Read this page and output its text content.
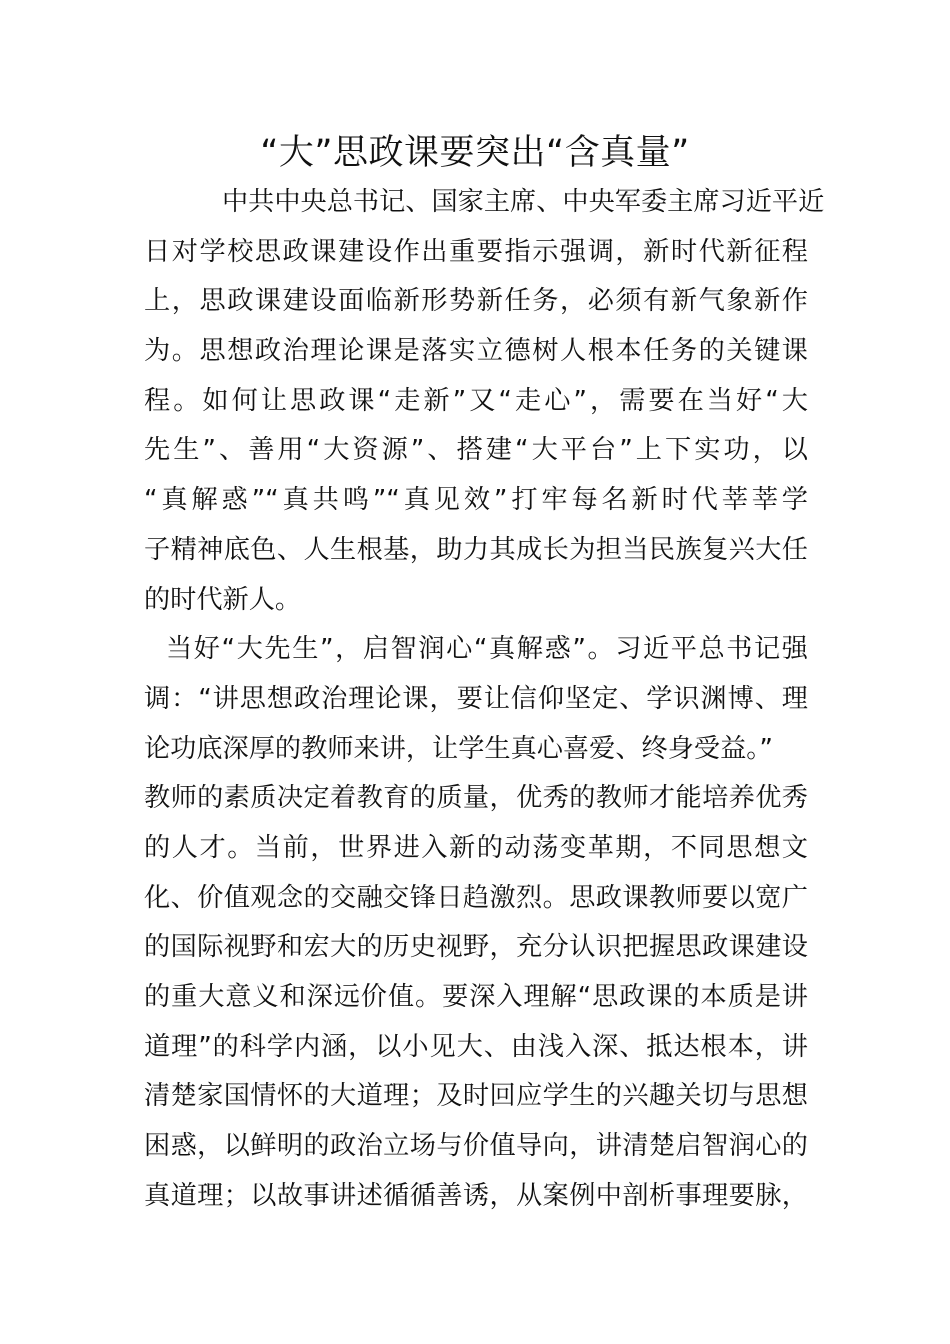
“大”思政课要突出“含真量”
中共中央总书记、国家主席、中央军委主席习近平近
日对学校思政课建设作出重要指示强调，新时代新征程
上，思政课建设面临新形势新任务，必须有新气象新作
为。思想政治理论课是落实立德树人根本任务的关键课
程。如何让思政课“走新”又“走心”，需要在当好“大
先生”、善用“大资源”、搭建“大平台”上下实功，以
“真解惑”“真共鸣”“真见效”打牢每名新时代莘莘学
子精神底色、人生根基，助力其成长为担当民族复兴大任
的时代新人。
当好“大先生”，启智润心“真解惑”。习近平总书记强
调：“讲思想政治理论课，要让信仰坚定、学识渊博、理
论功底深厚的教师来讲，让学生真心喜爱、终身受益。”
教师的素质决定着教育的质量，优秀的教师才能培养优秀
的人才。当前，世界进入新的动荡变革期，不同思想文
化、价值观念的交融交锋日趋激烈。思政课教师要以宽广
的国际视野和宏大的历史视野，充分认识把握思政课建设
的重大意义和深远价值。要深入理解“思政课的本质是讲
道理”的科学内涵，以小见大、由浅入深、抵达根本，讲
清楚家国情怀的大道理；及时回应学生的兴趣关切与思想
困惑，以鲜明的政治立场与价值导向，讲清楚启智润心的
真道理；以故事讲述循循善诱，从案例中剖析事理要脉，
